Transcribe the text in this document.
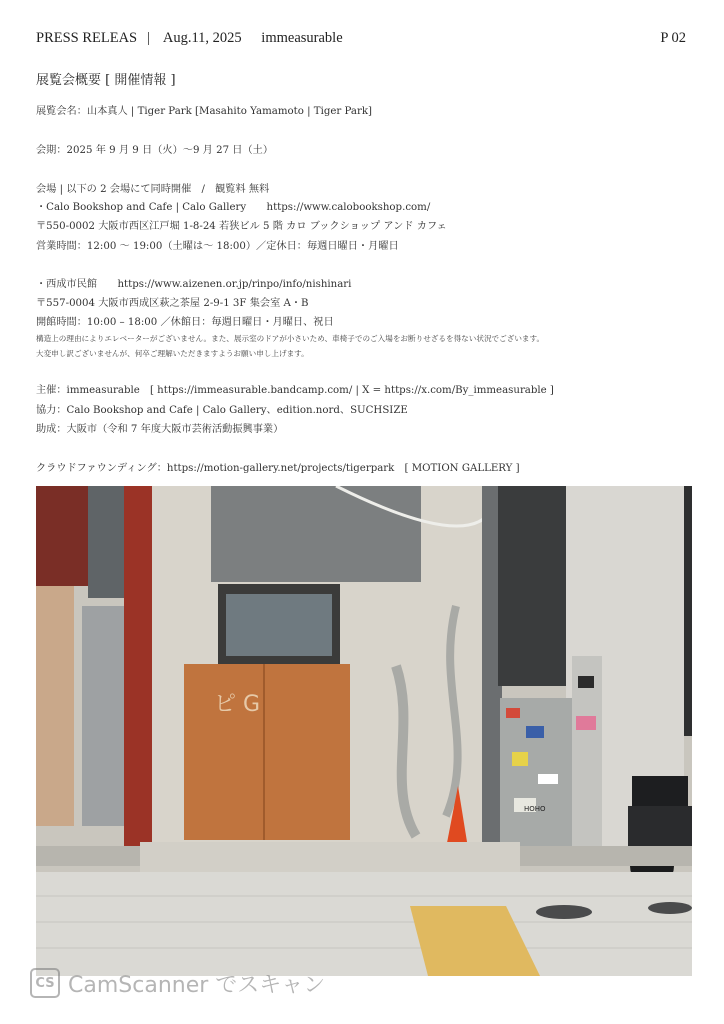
PRESS RELEAS | Aug.11, 2025 immeasurable	P 02
展覧会概要 [ 開催情報 ]
展覧会名：山本真人 | Tiger Park [Masahito Yamamoto | Tiger Park]
会期：2025 年 9 月 9 日（火）〜9 月 27 日（土）
会場 | 以下の 2 会場にて同時開催　/　観覧料 無料
・Calo Bookshop and Cafe | Calo Gallery　　https://www.calobookshop.com/
〒550-0002 大阪市西区江戸堀 1-8-24 若狭ビル 5 階 カロ ブックショップ アンド カフェ
営業時間：12:00 〜 19:00（土曜は〜 18:00）／定休日：毎週日曜日・月曜日
・西成市民館　　https://www.aizenen.or.jp/rinpo/info/nishinari
〒557-0004 大阪市西成区萩之茶屋 2-9-1 3F 集会室 A・B
開館時間：10:00 – 18:00 ／休館日：毎週日曜日・月曜日、祝日
構造上の理由によりエレベーターがございません。また、展示室のドアが小さいため、車椅子でのご入場をお断りせざるを得ない状況でございます。
大変申し訳ございませんが、何卒ご理解いただきますようお願い申し上げます。
主催：immeasurable　[ https://immeasurable.bandcamp.com/ | X = https://x.com/By_immeasurable ]
協力：Calo Bookshop and Cafe | Calo Gallery、edition.nord、SUCHSIZE
助成：大阪市（令和 7 年度大阪市芸術活動振興事業）
クラウドファウンディング：https://motion-gallery.net/projects/tigerpark　[ MOTION GALLERY ]
ピ G
HOHO
CS CamScanner でスキャン
